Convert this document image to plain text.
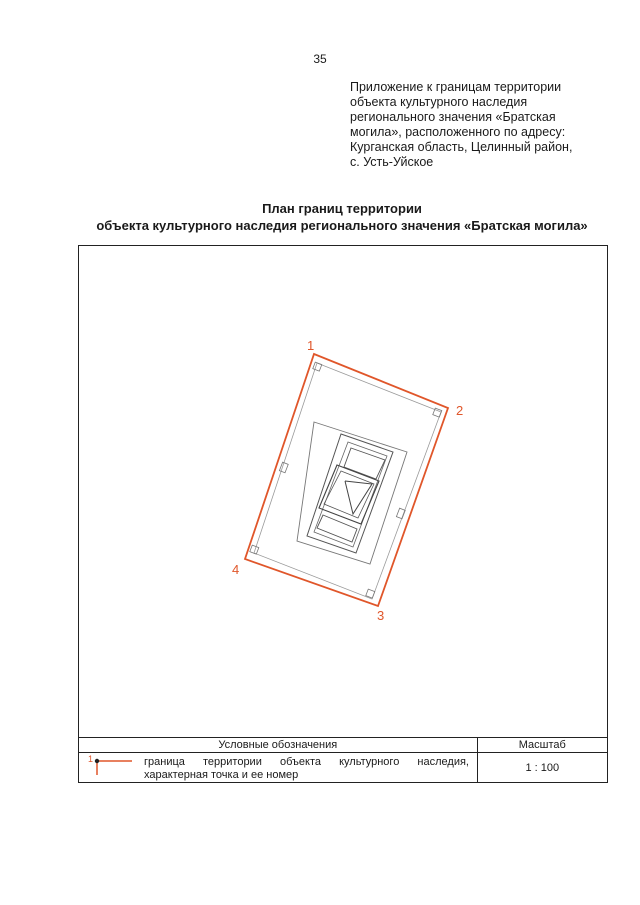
35
Приложение к границам территории
объекта культурного наследия
регионального значения «Братская
могила», расположенного по адресу:
Курганская область, Целинный район,
с. Усть-Уйское
План границ территории
объекта культурного наследия регионального значения «Братская могила»
1
2
3
4
Условные обозначения	Масштаб

1 граница территории объекта культурного наследия, характерная точка и ее номер	1 : 100
